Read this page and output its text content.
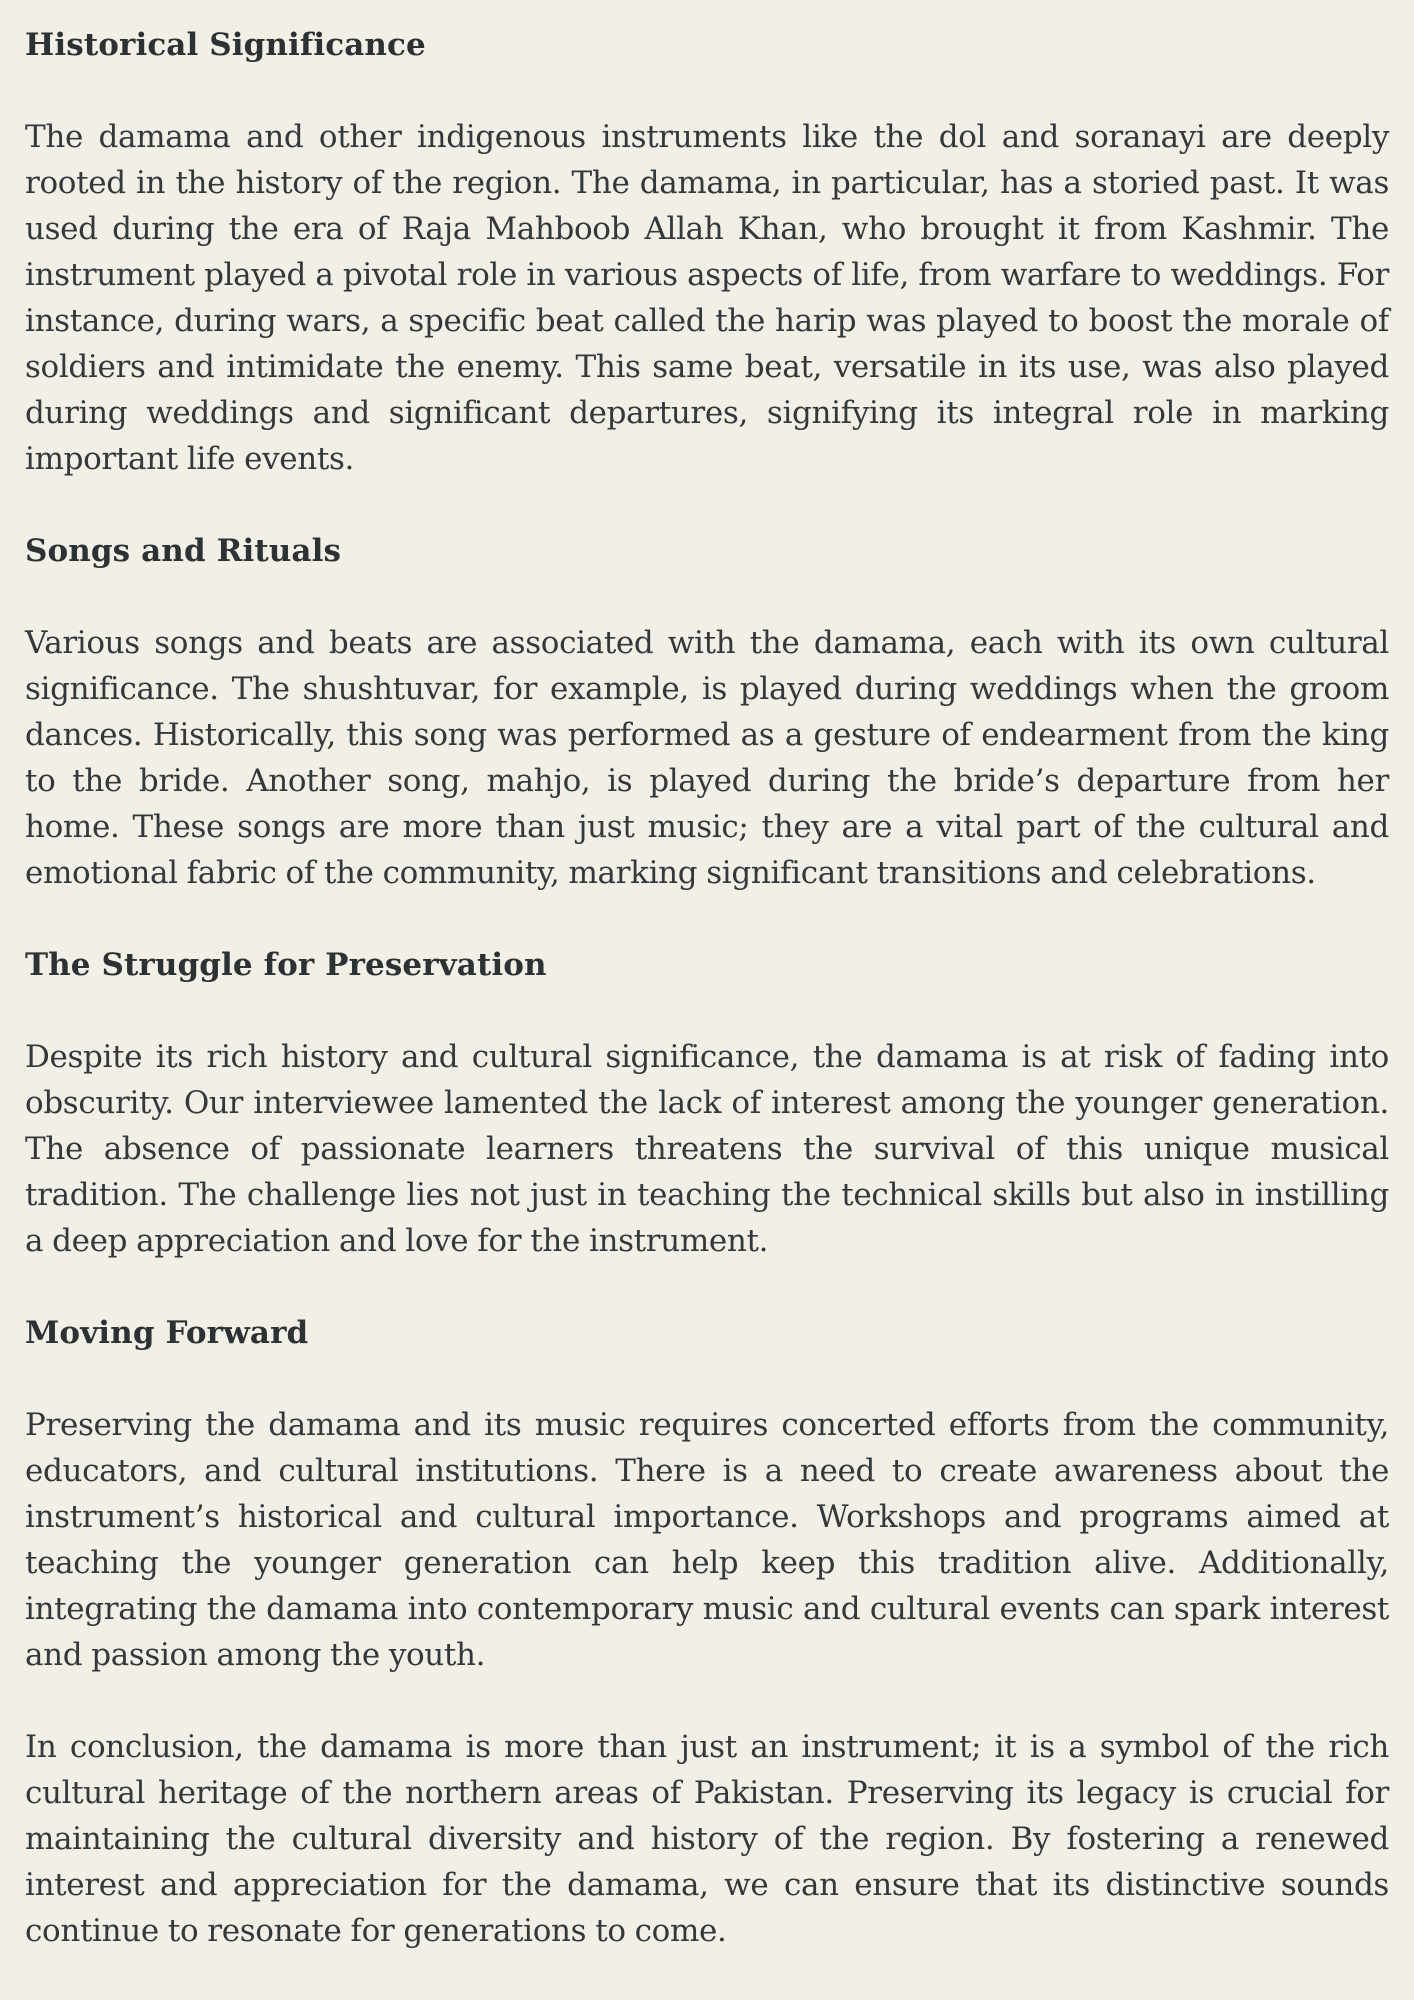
Historical Significance

The damama and other indigenous instruments like the dol and soranayi are deeply rooted in the history of the region. The damama, in particular, has a storied past. It was used during the era of Raja Mahboob Allah Khan, who brought it from Kashmir. The instrument played a pivotal role in various aspects of life, from warfare to weddings. For instance, during wars, a specific beat called the harip was played to boost the morale of soldiers and intimidate the enemy. This same beat, versatile in its use, was also played during weddings and significant departures, signifying its integral role in marking important life events.

Songs and Rituals

Various songs and beats are associated with the damama, each with its own cultural significance. The shushtuvar, for example, is played during weddings when the groom dances. Historically, this song was performed as a gesture of endearment from the king to the bride. Another song, mahjo, is played during the bride’s departure from her home. These songs are more than just music; they are a vital part of the cultural and emotional fabric of the community, marking significant transitions and celebrations.

The Struggle for Preservation

Despite its rich history and cultural significance, the damama is at risk of fading into obscurity. Our interviewee lamented the lack of interest among the younger generation. The absence of passionate learners threatens the survival of this unique musical tradition. The challenge lies not just in teaching the technical skills but also in instilling a deep appreciation and love for the instrument.

Moving Forward

Preserving the damama and its music requires concerted efforts from the community, educators, and cultural institutions. There is a need to create awareness about the instrument’s historical and cultural importance. Workshops and programs aimed at teaching the younger generation can help keep this tradition alive. Additionally, integrating the damama into contemporary music and cultural events can spark interest and passion among the youth.

In conclusion, the damama is more than just an instrument; it is a symbol of the rich cultural heritage of the northern areas of Pakistan. Preserving its legacy is crucial for maintaining the cultural diversity and history of the region. By fostering a renewed interest and appreciation for the damama, we can ensure that its distinctive sounds continue to resonate for generations to come.
